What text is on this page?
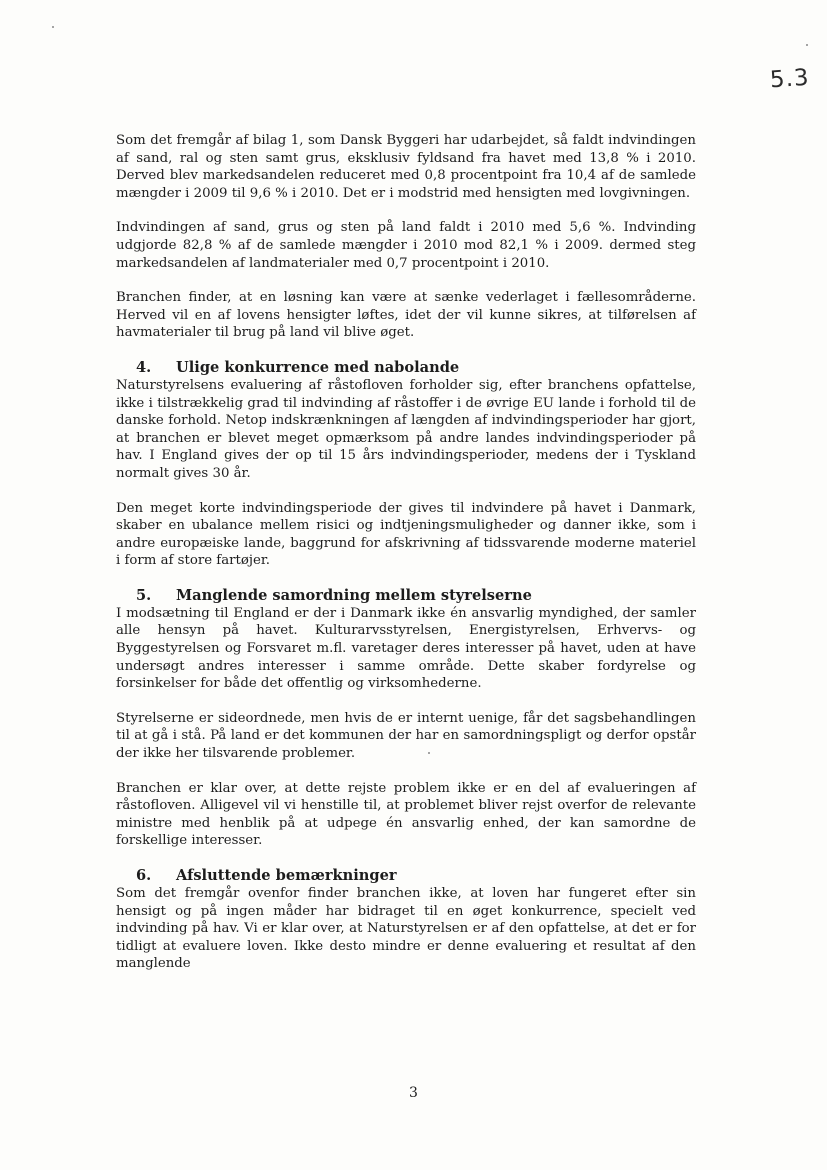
5.3

Som det fremgår af bilag 1, som Dansk Byggeri har udarbejdet, så faldt indvindingen af sand, ral og sten samt grus, eksklusiv fyldsand fra havet med 13,8 % i 2010. Derved blev markedsandelen reduceret med 0,8 procentpoint fra 10,4 af de samlede mængder i 2009 til 9,6 % i 2010. Det er i modstrid med hensigten med lovgivningen.

Indvindingen af sand, grus og sten på land faldt i 2010 med 5,6 %. Indvinding udgjorde 82,8 % af de samlede mængder i 2010 mod 82,1 % i 2009. dermed steg markedsandelen af landmaterialer med 0,7 procentpoint i 2010.

Branchen finder, at en løsning kan være at sænke vederlaget i fællesområderne. Herved vil en af lovens hensigter løftes, idet der vil kunne sikres, at tilførelsen af havmaterialer til brug på land vil blive øget.

4. Ulige konkurrence med nabolande

Naturstyrelsens evaluering af råstofloven forholder sig, efter branchens opfattelse, ikke i tilstrækkelig grad til indvinding af råstoffer i de øvrige EU lande i forhold til de danske forhold. Netop indskrænkningen af længden af indvindingsperioder har gjort, at branchen er blevet meget opmærksom på andre landes indvindingsperioder på hav. I England gives der op til 15 års indvindingsperioder, medens der i Tyskland normalt gives 30 år.

Den meget korte indvindingsperiode der gives til indvindere på havet i Danmark, skaber en ubalance mellem risici og indtjeningsmuligheder og danner ikke, som i andre europæiske lande, baggrund for afskrivning af tidssvarende moderne materiel i form af store fartøjer.

5. Manglende samordning mellem styrelserne

I modsætning til England er der i Danmark ikke én ansvarlig myndighed, der samler alle hensyn på havet. Kulturarvsstyrelsen, Energistyrelsen, Erhvervs- og Byggestyrelsen og Forsvaret m.fl. varetager deres interesser på havet, uden at have undersøgt andres interesser i samme område. Dette skaber fordyrelse og forsinkelser for både det offentlig og virksomhederne.

Styrelserne er sideordnede, men hvis de er internt uenige, får det sagsbehandlingen til at gå i stå. På land er det kommunen der har en samordningspligt og derfor opstår der ikke her tilsvarende problemer.

Branchen er klar over, at dette rejste problem ikke er en del af evalueringen af råstofloven. Alligevel vil vi henstille til, at problemet bliver rejst overfor de relevante ministre med henblik på at udpege én ansvarlig enhed, der kan samordne de forskellige interesser.

6. Afsluttende bemærkninger

Som det fremgår ovenfor finder branchen ikke, at loven har fungeret efter sin hensigt og på ingen måder har bidraget til en øget konkurrence, specielt ved indvinding på hav. Vi er klar over, at Naturstyrelsen er af den opfattelse, at det er for tidligt at evaluere loven. Ikke desto mindre er denne evaluering et resultat af den manglende

3
